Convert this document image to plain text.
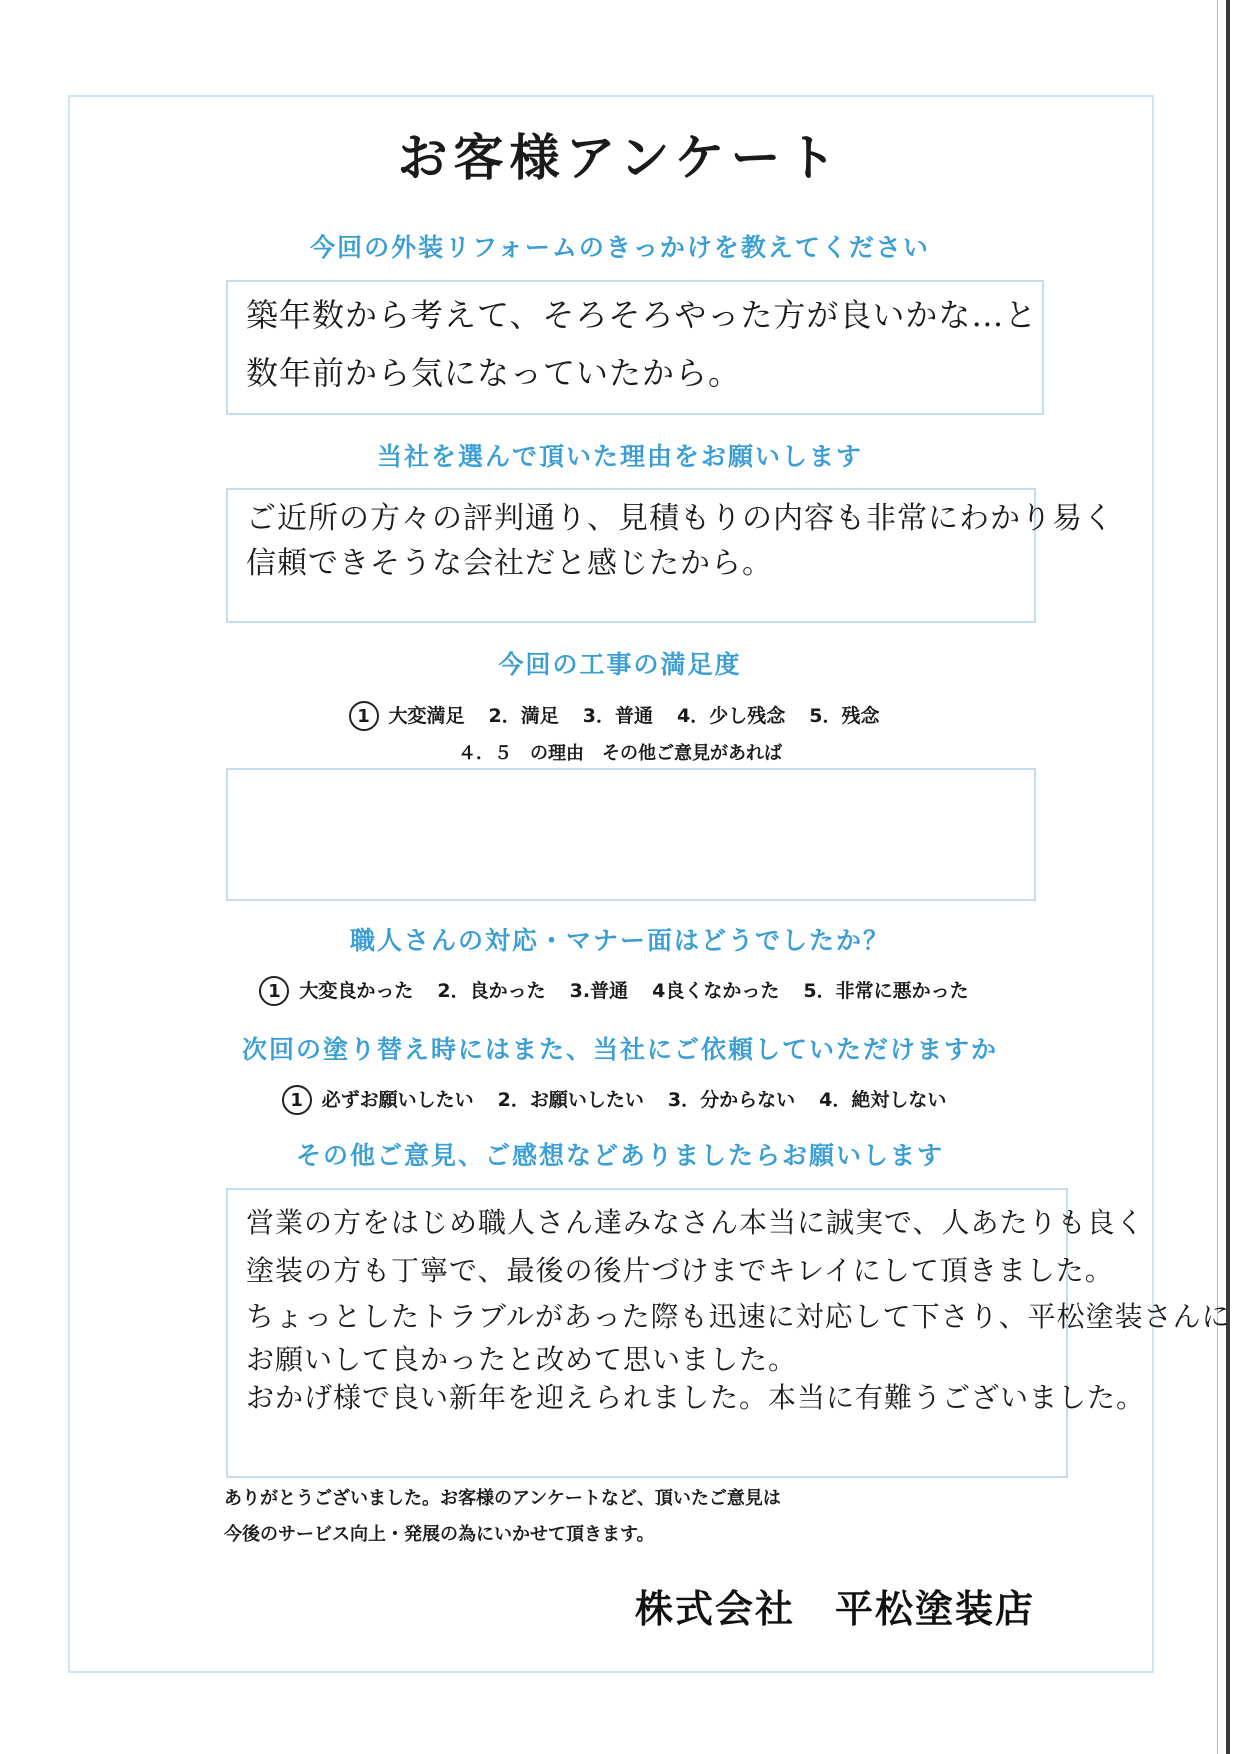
お客様アンケート
今回の外装リフォームのきっかけを教えてください
築年数から考えて、そろそろやった方が良いかな…と
数年前から気になっていたから。
当社を選んで頂いた理由をお願いします
ご近所の方々の評判通り、見積もりの内容も非常にわかり易く
信頼できそうな会社だと感じたから。
今回の工事の満足度
1 大変満足 2．満足 3．普通 4．少し残念 5．残念
４．５　の理由　その他ご意見があれば
職人さんの対応・マナー面はどうでしたか？
1 大変良かった 2．良かった 3.普通 4良くなかった 5．非常に悪かった
次回の塗り替え時にはまた、当社にご依頼していただけますか
1 必ずお願いしたい 2．お願いしたい 3．分からない 4．絶対しない
その他ご意見、ご感想などありましたらお願いします
営業の方をはじめ職人さん達みなさん本当に誠実で、人あたりも良く
塗装の方も丁寧で、最後の後片づけまでキレイにして頂きました。
ちょっとしたトラブルがあった際も迅速に対応して下さり、平松塗装さんに
お願いして良かったと改めて思いました。
おかげ様で良い新年を迎えられました。本当に有難うございました。
ありがとうございました。お客様のアンケートなど、頂いたご意見は
今後のサービス向上・発展の為にいかせて頂きます。
株式会社　平松塗装店
